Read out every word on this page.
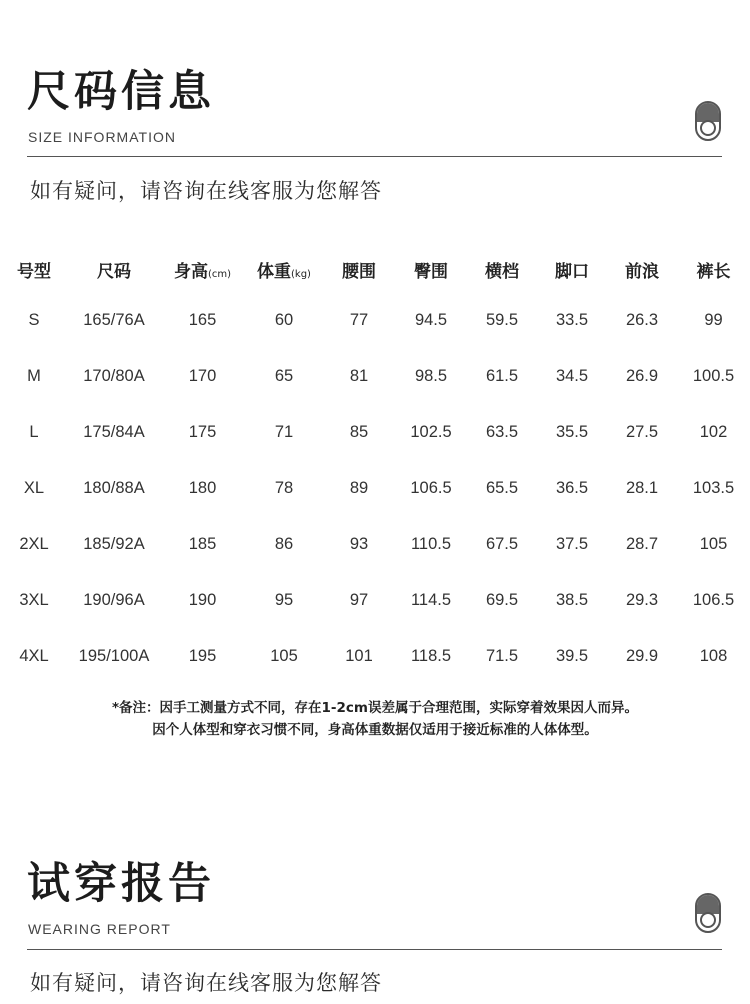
尺码信息
SIZE INFORMATION
如有疑问，请咨询在线客服为您解答
号型	尺码	身高(cm)	体重(kg)	腰围	臀围	横档	脚口	前浪	裤长
S	165/76A	165	60	77	94.5	59.5	33.5	26.3	99
M	170/80A	170	65	81	98.5	61.5	34.5	26.9	100.5
L	175/84A	175	71	85	102.5	63.5	35.5	27.5	102
XL	180/88A	180	78	89	106.5	65.5	36.5	28.1	103.5
2XL	185/92A	185	86	93	110.5	67.5	37.5	28.7	105
3XL	190/96A	190	95	97	114.5	69.5	38.5	29.3	106.5
4XL	195/100A	195	105	101	118.5	71.5	39.5	29.9	108
*备注：因手工测量方式不同，存在1-2cm误差属于合理范围，实际穿着效果因人而异。
因个人体型和穿衣习惯不同，身高体重数据仅适用于接近标准的人体体型。
试穿报告
WEARING REPORT
如有疑问，请咨询在线客服为您解答
